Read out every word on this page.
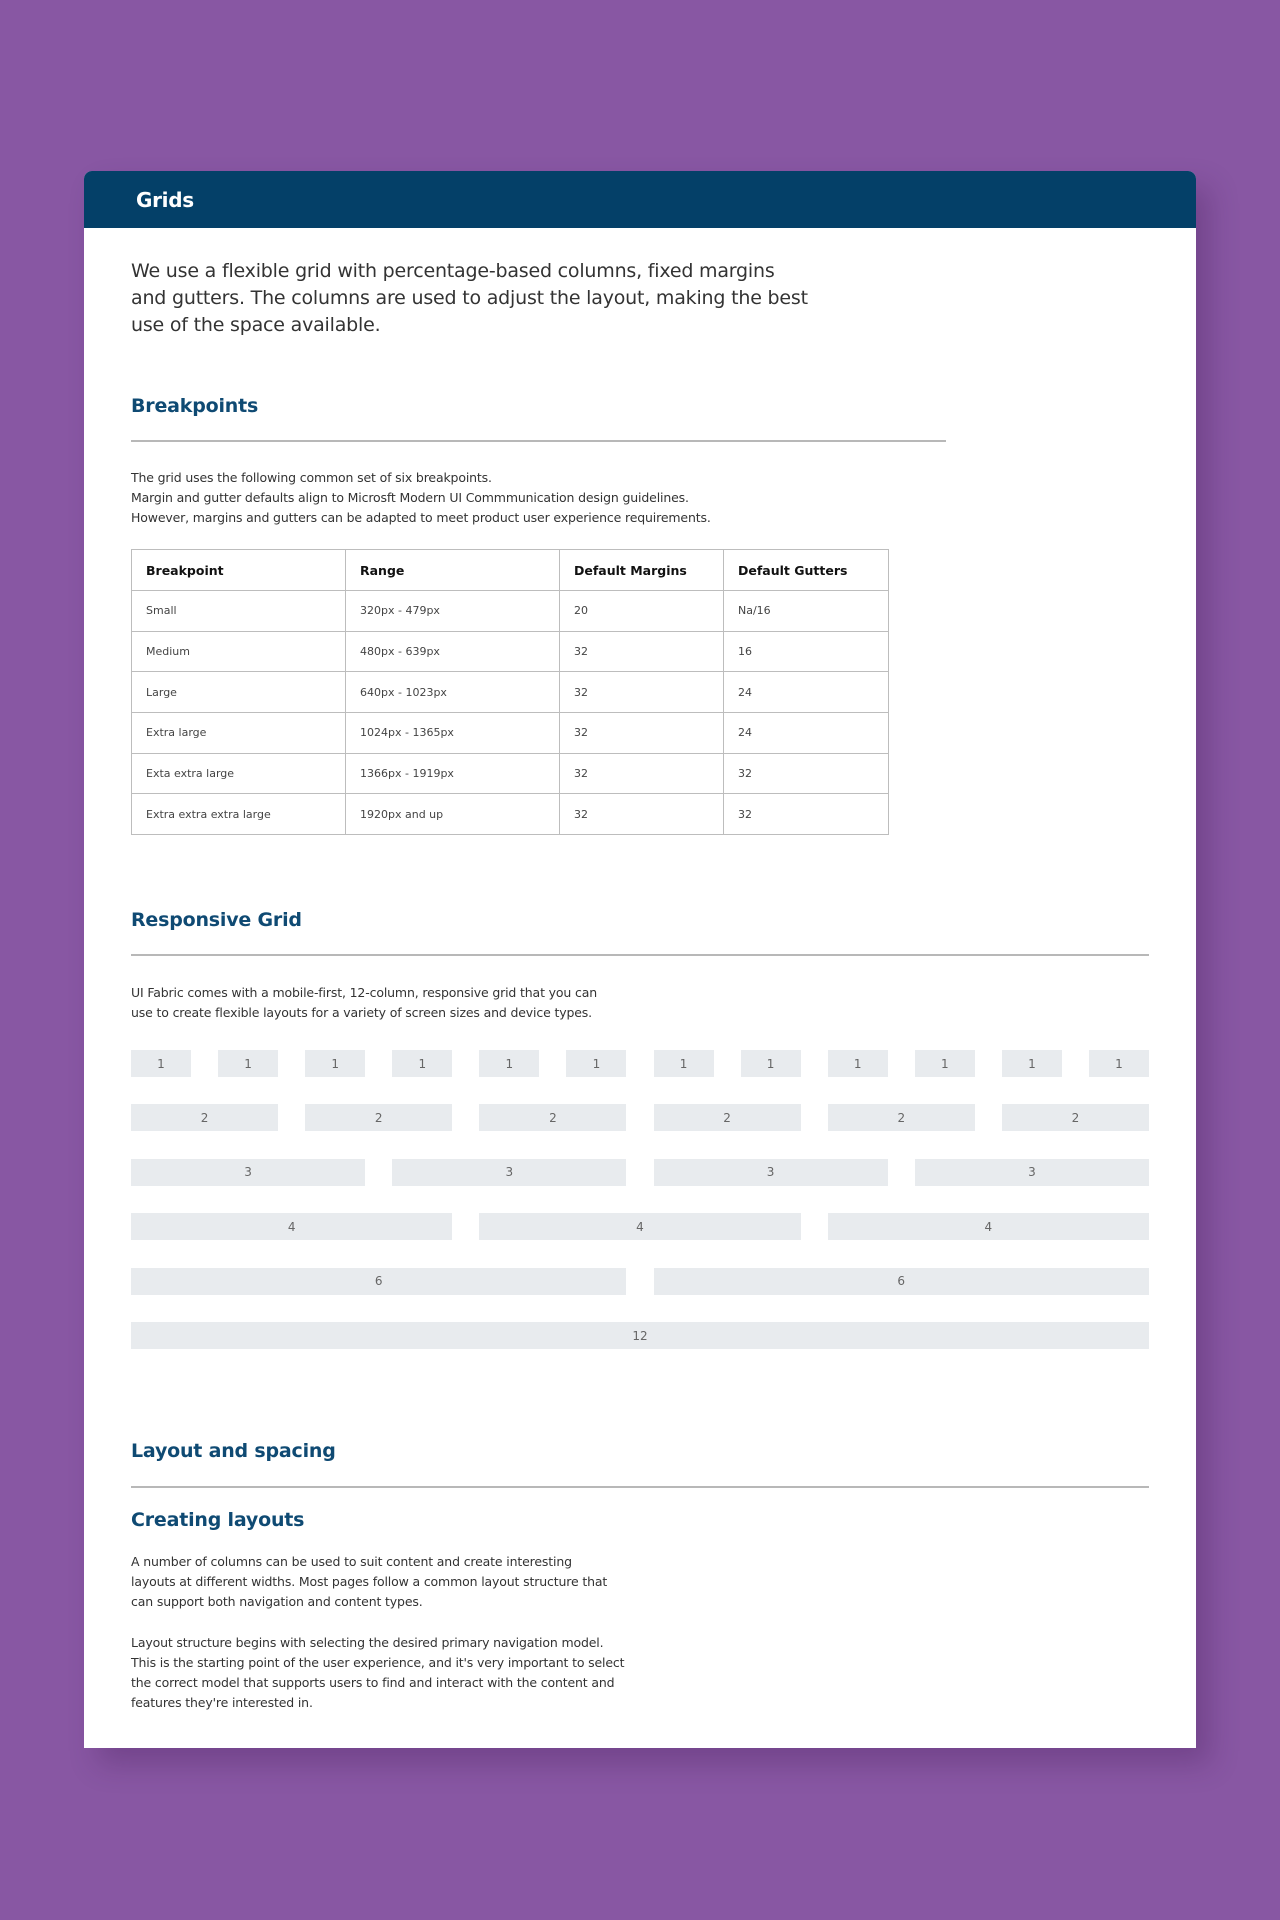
Grids
We use a flexible grid with percentage-based columns, fixed margins and gutters. The columns are used to adjust the layout, making the best use of the space available.
Breakpoints
The grid uses the following common set of six breakpoints.
Margin and gutter defaults align to Microsft Modern UI Commmunication design guidelines.
However, margins and gutters can be adapted to meet product user experience requirements.
Breakpoint	Range	Default Margins	Default Gutters
Small	320px - 479px	20	Na/16
Medium	480px - 639px	32	16
Large	640px - 1023px	32	24
Extra large	1024px - 1365px	32	24
Exta extra large	1366px - 1919px	32	32
Extra extra extra large	1920px and up	32	32
Responsive Grid
UI Fabric comes with a mobile-first, 12-column, responsive grid that you can
use to create flexible layouts for a variety of screen sizes and device types.
1	1	1	1	1	1	1	1	1	1	1	1
2	2	2	2	2	2
3	3	3	3
4	4	4
6	6
12
Layout and spacing
Creating layouts
A number of columns can be used to suit content and create interesting
layouts at different widths. Most pages follow a common layout structure that
can support both navigation and content types.
Layout structure begins with selecting the desired primary navigation model.
This is the starting point of the user experience, and it's very important to select
the correct model that supports users to find and interact with the content and
features they're interested in.
